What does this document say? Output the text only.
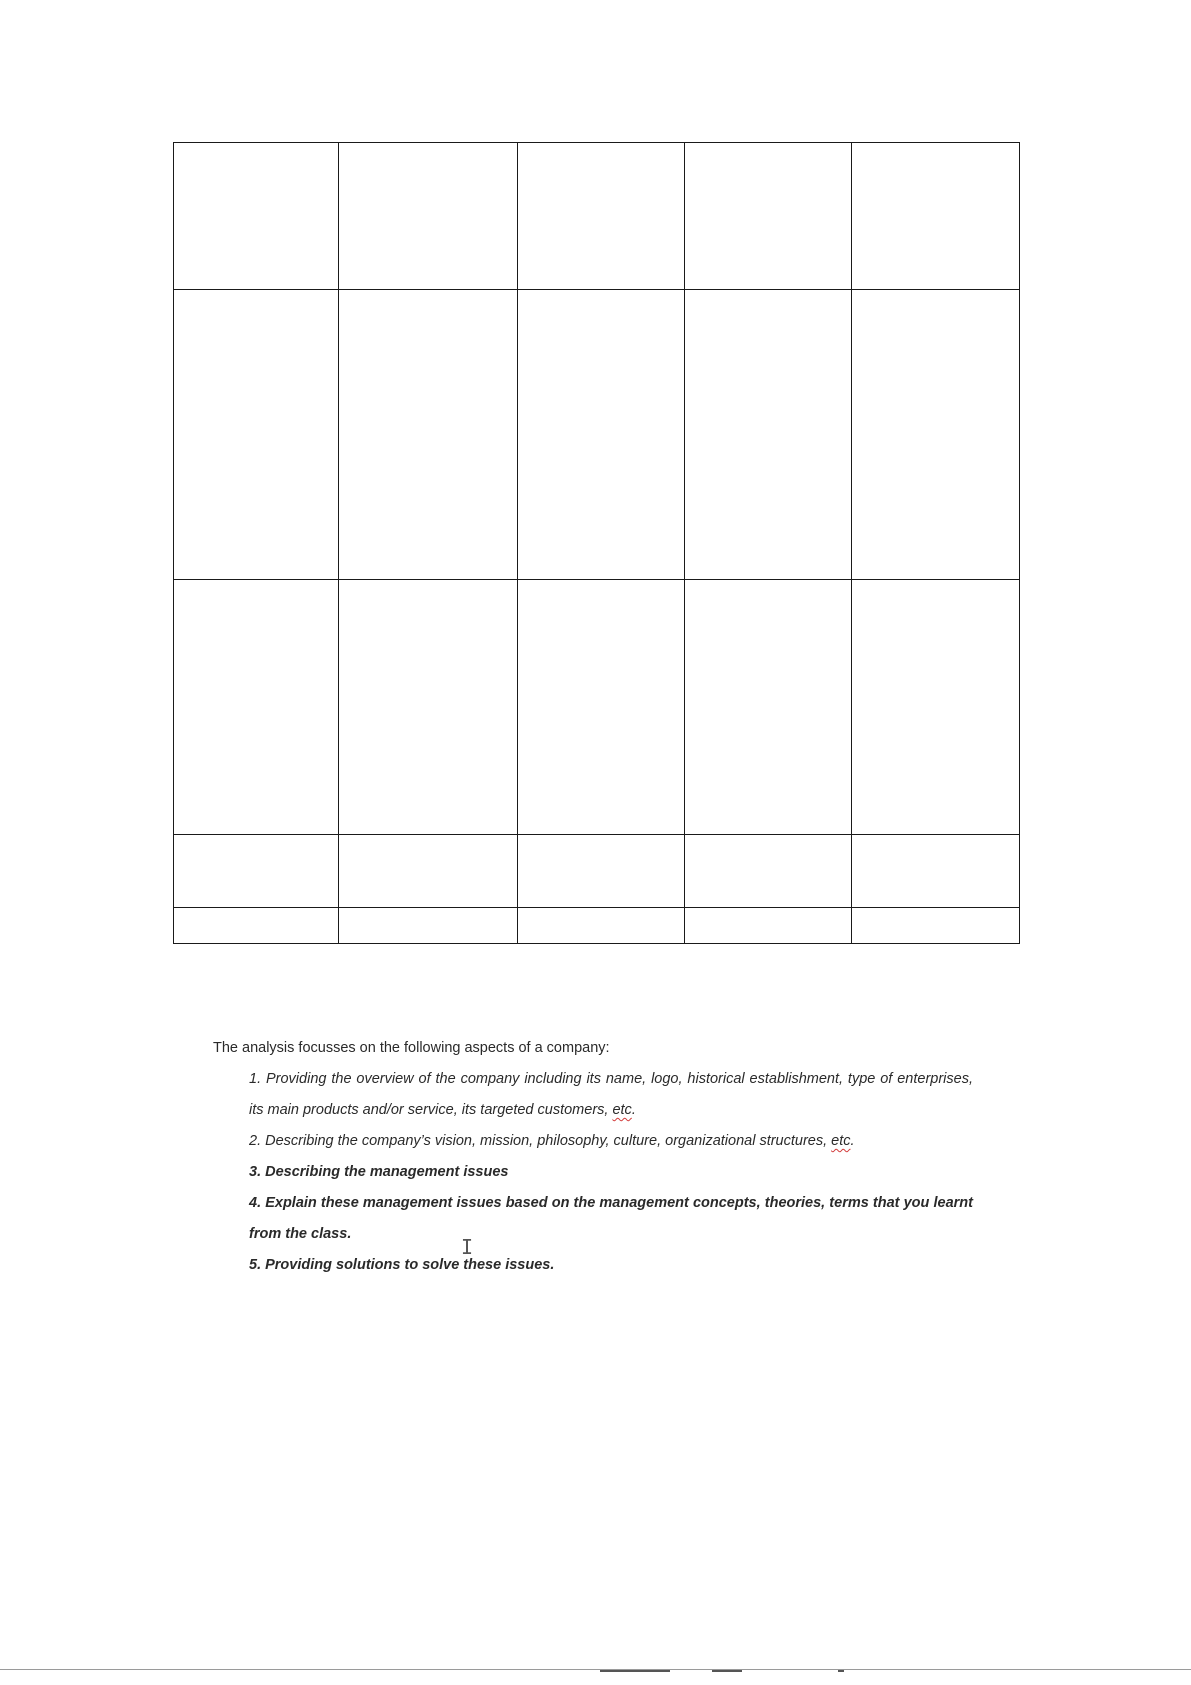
The analysis focusses on the following aspects of a company:

1. Providing the overview of the company including its name, logo, historical establishment, type of enterprises, its main products and/or service, its targeted customers, etc.
2. Describing the company’s vision, mission, philosophy, culture, organizational structures, etc.
3. Describing the management issues
4. Explain these management issues based on the management concepts, theories, terms that you learnt from the class.
5. Providing solutions to solve these issues.
I
